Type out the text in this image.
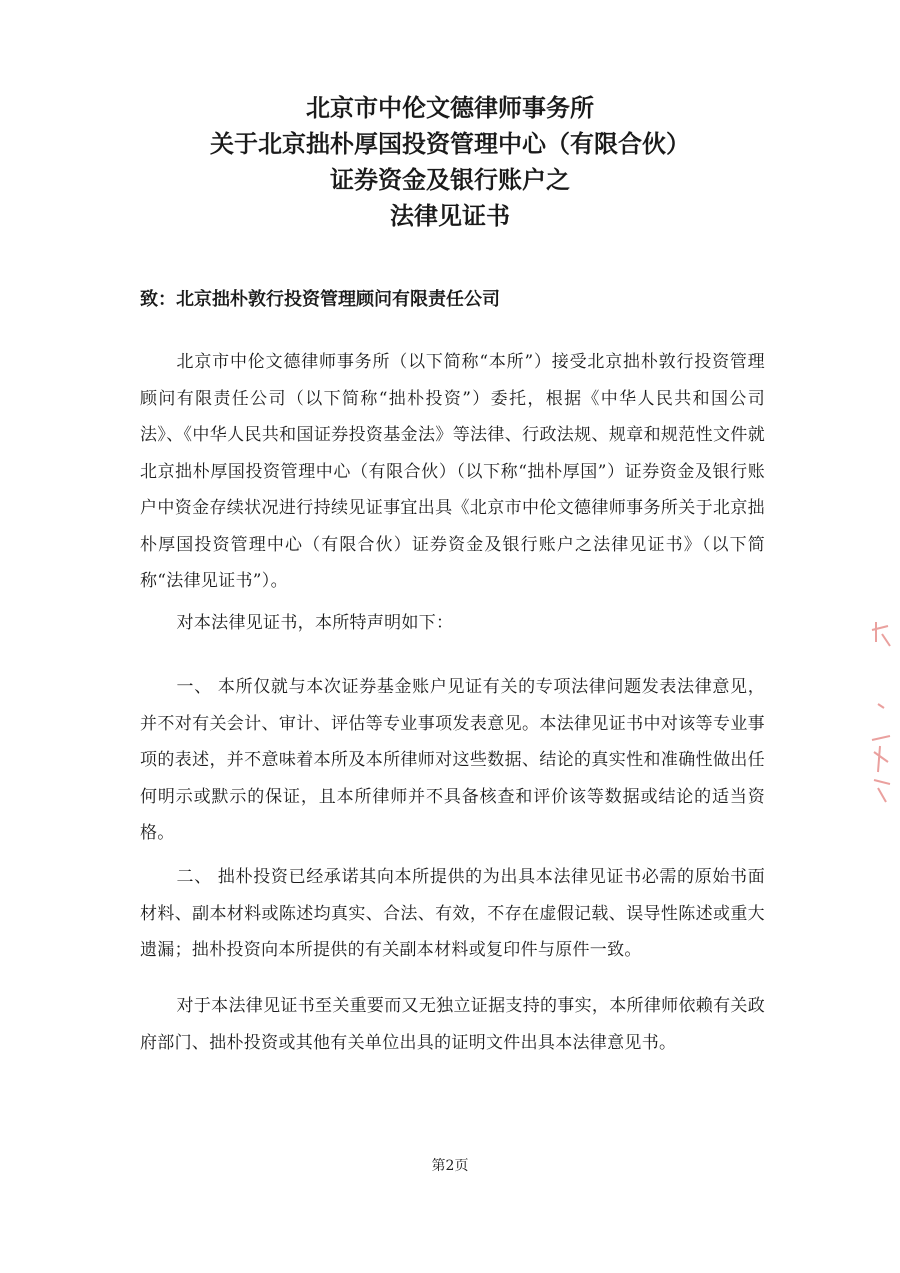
北京市中伦文德律师事务所
关于北京拙朴厚国投资管理中心（有限合伙）
证券资金及银行账户之
法律见证书
致：北京拙朴敦行投资管理顾问有限责任公司
北京市中伦文德律师事务所（以下简称“本所”）接受北京拙朴敦行投资管理顾问有限责任公司（以下简称“拙朴投资”）委托，根据《中华人民共和国公司法》、《中华人民共和国证券投资基金法》等法律、行政法规、规章和规范性文件就北京拙朴厚国投资管理中心（有限合伙）（以下称“拙朴厚国”）证券资金及银行账户中资金存续状况进行持续见证事宜出具《北京市中伦文德律师事务所关于北京拙朴厚国投资管理中心（有限合伙）证券资金及银行账户之法律见证书》（以下简称“法律见证书”）。
对本法律见证书，本所特声明如下：
一、 本所仅就与本次证券基金账户见证有关的专项法律问题发表法律意见，并不对有关会计、审计、评估等专业事项发表意见。本法律见证书中对该等专业事项的表述，并不意味着本所及本所律师对这些数据、结论的真实性和准确性做出任何明示或默示的保证，且本所律师并不具备核查和评价该等数据或结论的适当资格。
二、 拙朴投资已经承诺其向本所提供的为出具本法律见证书必需的原始书面材料、副本材料或陈述均真实、合法、有效，不存在虚假记载、误导性陈述或重大遗漏；拙朴投资向本所提供的有关副本材料或复印件与原件一致。
对于本法律见证书至关重要而又无独立证据支持的事实，本所律师依赖有关政府部门、拙朴投资或其他有关单位出具的证明文件出具本法律意见书。
第2页
